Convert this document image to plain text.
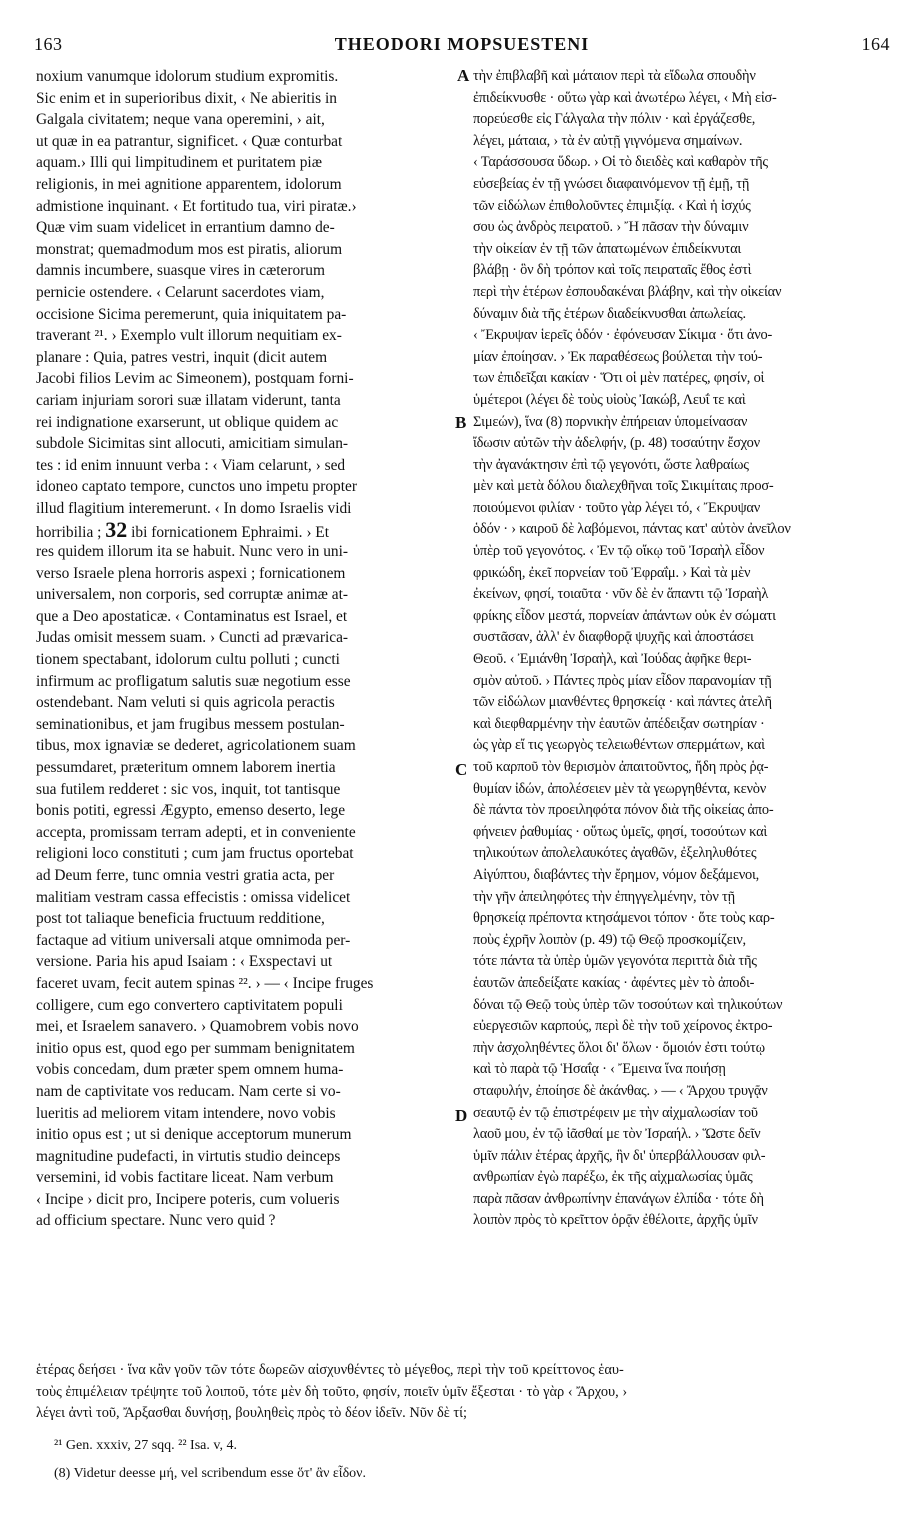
163	THEODORI MOPSUESTENI	164
noxium vanumque idolorum studium expromitis.
Sic enim et in superioribus dixit, ‹ Ne abieritis in
Galgala civitatem; neque vana operemini, › ait,
ut quæ in ea patrantur, significet. ‹ Quæ conturbat
aquam.› Illi qui limpitudinem et puritatem piæ
religionis, in mei agnitione apparentem, idolorum
admistione inquinant. ‹ Et fortitudo tua, viri piratæ.›
Quæ vim suam videlicet in errantium damno de-
monstrat; quemadmodum mos est piratis, aliorum
damnis incumbere, suasque vires in cæterorum
pernicie ostendere. ‹ Celarunt sacerdotes viam,
occisione Sicima peremerunt, quia iniquitatem pa-
traverant ²¹. › Exemplo vult illorum nequitiam ex-
planare : Quia, patres vestri, inquit (dicit autem
Jacobi filios Levim ac Simeonem), postquam forni-
cariam injuriam sorori suæ illatam viderunt, tanta
rei indignatione exarserunt, ut oblique quidem ac
subdole Sicimitas sint allocuti, amicitiam simulan-
tes : id enim innuunt verba : ‹ Viam celarunt, › sed
idoneo captato tempore, cunctos uno impetu propter
illud flagitium interemerunt. ‹ In domo Israelis vidi
horribilia ; 32 ibi fornicationem Ephraimi. › Et
res quidem illorum ita se habuit. Nunc vero in uni-
verso Israele plena horroris aspexi ; fornicationem
universalem, non corporis, sed corruptæ animæ at-
que a Deo apostaticæ. ‹ Contaminatus est Israel, et
Judas omisit messem suam. › Cuncti ad prævarica-
tionem spectabant, idolorum cultu polluti ; cuncti
infirmum ac profligatum salutis suæ negotium esse
ostendebant. Nam veluti si quis agricola peractis
seminationibus, et jam frugibus messem postulan-
tibus, mox ignaviæ se dederet, agricolationem suam
pessumdaret, præteritum omnem laborem inertia
sua futilem redderet : sic vos, inquit, tot tantisque
bonis potiti, egressi Ægypto, emenso deserto, lege
accepta, promissam terram adepti, et in conveniente
religioni loco constituti ; cum jam fructus oportebat
ad Deum ferre, tunc omnia vestri gratia acta, per
malitiam vestram cassa effecistis : omissa videlicet
post tot taliaque beneficia fructuum redditione,
factaque ad vitium universali atque omnimoda per-
versione. Paria his apud Isaiam : ‹ Exspectavi ut
faceret uvam, fecit autem spinas ²². › — ‹ Incipe fruges
colligere, cum ego convertero captivitatem populi
mei, et Israelem sanavero. › Quamobrem vobis novo
initio opus est, quod ego per summam benignitatem
vobis concedam, dum præter spem omnem huma-
nam de captivitate vos reducam. Nam certe si vo-
lueritis ad meliorem vitam intendere, novo vobis
initio opus est ; ut si denique acceptorum munerum
magnitudine pudefacti, in virtutis studio deinceps
versemini, id vobis factitare liceat. Nam verbum
‹ Incipe › dicit pro, Incipere poteris, cum volueris
ad officium spectare. Nunc vero quid ?
τὴν ἐπιβλαβῆ καὶ μάταιον περὶ τὰ εἴδωλα σπουδὴν
ἐπιδείκνυσθε · οὕτω γὰρ καὶ ἀνωτέρω λέγει, ‹ Μὴ εἰσ-
πορεύεσθε εἰς Γάλγαλα τὴν πόλιν · καὶ ἐργάζεσθε,
λέγει, μάταια, › τὰ ἐν αὐτῇ γιγνόμενα σημαίνων.
‹ Ταράσσουσα ὕδωρ. › Οἱ τὸ διειδὲς καὶ καθαρὸν τῆς
εὐσεβείας ἐν τῇ γνώσει διαφαινόμενον τῇ ἐμῇ, τῇ
τῶν εἰδώλων ἐπιθολοῦντες ἐπιμιξίᾳ. ‹ Καὶ ἡ ἰσχύς
σου ὡς ἀνδρὸς πειρατοῦ. › Ἤ πᾶσαν τὴν δύναμιν
τὴν οἰκείαν ἐν τῇ τῶν ἀπατωμένων ἐπιδείκνυται
βλάβῃ · ὃν δὴ τρόπον καὶ τοῖς πειραταῖς ἔθος ἐστὶ
περὶ τὴν ἑτέρων ἐσπουδακέναι βλάβην, καὶ τὴν οἰκείαν
δύναμιν διὰ τῆς ἑτέρων διαδείκνυσθαι ἀπωλείας.
‹ Ἔκρυψαν ἱερεῖς ὁδόν · ἐφόνευσαν Σίκιμα · ὅτι ἀνο-
μίαν ἐποίησαν. › Ἐκ παραθέσεως βούλεται τὴν τού-
των ἐπιδεῖξαι κακίαν · Ὅτι οἱ μὲν πατέρες, φησίν, οἱ
ὑμέτεροι (λέγει δὲ τοὺς υἱοὺς Ἰακώβ, Λευΐ τε καὶ
Σιμεών), ἵνα (8) πορνικὴν ἐπήρειαν ὑπομείνασαν
ἴδωσιν αὐτῶν τὴν ἀδελφήν, (p. 48) τοσαύτην ἔσχον
τὴν ἀγανάκτησιν ἐπὶ τῷ γεγονότι, ὥστε λαθραίως
μὲν καὶ μετὰ δόλου διαλεχθῆναι τοῖς Σικιμίταις προσ-
ποιούμενοι φιλίαν · τοῦτο γὰρ λέγει τό, ‹ Ἔκρυψαν
ὁδόν · › καιροῦ δὲ λαβόμενοι, πάντας κατ' αὐτὸν ἀνεῖλον
ὑπὲρ τοῦ γεγονότος. ‹ Ἐν τῷ οἴκῳ τοῦ Ἰσραὴλ εἶδον
φρικώδη, ἐκεῖ πορνείαν τοῦ Ἐφραΐμ. › Καὶ τὰ μὲν
ἐκείνων, φησί, τοιαῦτα · νῦν δὲ ἐν ἅπαντι τῷ Ἰσραὴλ
φρίκης εἶδον μεστά, πορνείαν ἁπάντων οὐκ ἐν σώματι
συστᾶσαν, ἀλλ' ἐν διαφθορᾷ ψυχῆς καὶ ἀποστάσει
Θεοῦ. ‹ Ἐμιάνθη Ἰσραὴλ, καὶ Ἰούδας ἀφῆκε θερι-
σμὸν αὐτοῦ. › Πάντες πρὸς μίαν εἶδον παρανομίαν τῇ
τῶν εἰδώλων μιανθέντες θρησκείᾳ · καὶ πάντες ἀτελῆ
καὶ διεφθαρμένην τὴν ἑαυτῶν ἀπέδειξαν σωτηρίαν ·
ὡς γὰρ εἴ τις γεωργὸς τελειωθέντων σπερμάτων, καὶ
τοῦ καρποῦ τὸν θερισμὸν ἀπαιτοῦντος, ἤδη πρὸς ῥᾳ-
θυμίαν ἰδών, ἀπολέσειεν μὲν τὰ γεωργηθέντα, κενὸν
δὲ πάντα τὸν προειληφότα πόνον διὰ τῆς οἰκείας ἀπο-
φήνειεν ῥαθυμίας · οὕτως ὑμεῖς, φησί, τοσούτων καὶ
τηλικούτων ἀπολελαυκότες ἀγαθῶν, ἐξεληλυθότες
Αἰγύπτου, διαβάντες τὴν ἔρημον, νόμον δεξάμενοι,
τὴν γῆν ἀπειληφότες τὴν ἐπηγγελμένην, τὸν τῇ
θρησκείᾳ πρέποντα κτησάμενοι τόπον · ὅτε τοὺς καρ-
ποὺς ἐχρῆν λοιπὸν (p. 49) τῷ Θεῷ προσκομίζειν,
τότε πάντα τὰ ὑπὲρ ὑμῶν γεγονότα περιττὰ διὰ τῆς
ἑαυτῶν ἀπεδείξατε κακίας · ἀφέντες μὲν τὸ ἀποδι-
δόναι τῷ Θεῷ τοὺς ὑπὲρ τῶν τοσούτων καὶ τηλικούτων
εὐεργεσιῶν καρπούς, περὶ δὲ τὴν τοῦ χείρονος ἐκτρο-
πὴν ἀσχοληθέντες ὅλοι δι' ὅλων · ὅμοιόν ἐστι τούτῳ
καὶ τὸ παρὰ τῷ Ἡσαΐᾳ · ‹ Ἔμεινα ἵνα ποιήσῃ
σταφυλήν, ἐποίησε δὲ ἀκάνθας. › — ‹ Ἄρχου τρυγᾷν
σεαυτῷ ἐν τῷ ἐπιστρέφειν με τὴν αἰχμαλωσίαν τοῦ
λαοῦ μου, ἐν τῷ ἰᾶσθαί με τὸν Ἰσραήλ. › Ὥστε δεῖν
ὑμῖν πάλιν ἑτέρας ἀρχῆς, ἣν δι' ὑπερβάλλουσαν φιλ-
ανθρωπίαν ἐγὼ παρέξω, ἐκ τῆς αἰχμαλωσίας ὑμᾶς
παρὰ πᾶσαν ἀνθρωπίνην ἐπανάγων ἐλπίδα · τότε δὴ
λοιπὸν πρὸς τὸ κρεῖττον ὁρᾷν ἐθέλοιτε, ἀρχῆς ὑμῖν
A
B
C
D
ἑτέρας δεήσει · ἵνα κἂν γοῦν τῶν τότε δωρεῶν αἰσχυνθέντες τὸ μέγεθος, περὶ τὴν τοῦ κρείττονος ἑαυ-
τοὺς ἐπιμέλειαν τρέψητε τοῦ λοιποῦ, τότε μὲν δὴ τοῦτο, φησίν, ποιεῖν ὑμῖν ἔξεσται · τὸ γὰρ ‹ Ἄρχου, ›
λέγει ἀντὶ τοῦ, Ἄρξασθαι δυνήσῃ, βουληθεὶς πρὸς τὸ δέον ἰδεῖν. Νῦν δὲ τί;
²¹ Gen. xxxiv, 27 sqq. ²² Isa. v, 4.
(8) Videtur deesse μή, vel scribendum esse ὅτ' ἂν εἶδον.
